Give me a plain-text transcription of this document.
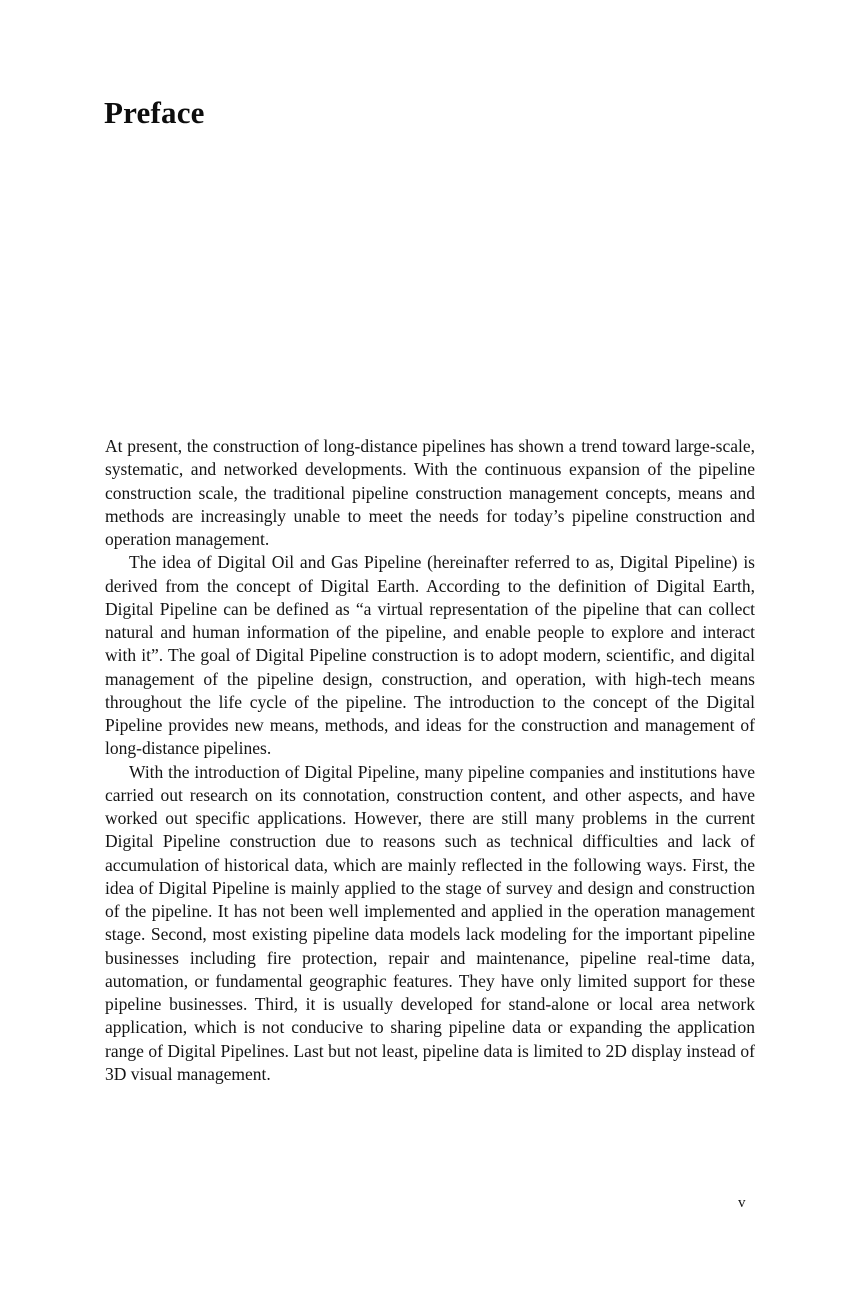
Preface

At present, the construction of long-distance pipelines has shown a trend toward large-scale, systematic, and networked developments. With the continuous expansion of the pipeline construction scale, the traditional pipeline construction management concepts, means and methods are increasingly unable to meet the needs for today’s pipeline construction and operation management.

The idea of Digital Oil and Gas Pipeline (hereinafter referred to as, Digital Pipeline) is derived from the concept of Digital Earth. According to the definition of Digital Earth, Digital Pipeline can be defined as “a virtual representation of the pipeline that can collect natural and human information of the pipeline, and enable people to explore and interact with it”. The goal of Digital Pipeline construction is to adopt modern, scientific, and digital management of the pipeline design, construction, and operation, with high-tech means throughout the life cycle of the pipeline. The introduction to the concept of the Digital Pipeline provides new means, methods, and ideas for the construction and management of long-distance pipelines.

With the introduction of Digital Pipeline, many pipeline companies and institutions have carried out research on its connotation, construction content, and other aspects, and have worked out specific applications. However, there are still many problems in the current Digital Pipeline construction due to reasons such as technical difficulties and lack of accumulation of historical data, which are mainly reflected in the following ways. First, the idea of Digital Pipeline is mainly applied to the stage of survey and design and construction of the pipeline. It has not been well implemented and applied in the operation management stage. Second, most existing pipeline data models lack modeling for the important pipeline businesses including fire protection, repair and maintenance, pipeline real-time data, automation, or fundamental geographic features. They have only limited support for these pipeline businesses. Third, it is usually developed for stand-alone or local area network application, which is not conducive to sharing pipeline data or expanding the application range of Digital Pipelines. Last but not least, pipeline data is limited to 2D display instead of 3D visual management.

v
